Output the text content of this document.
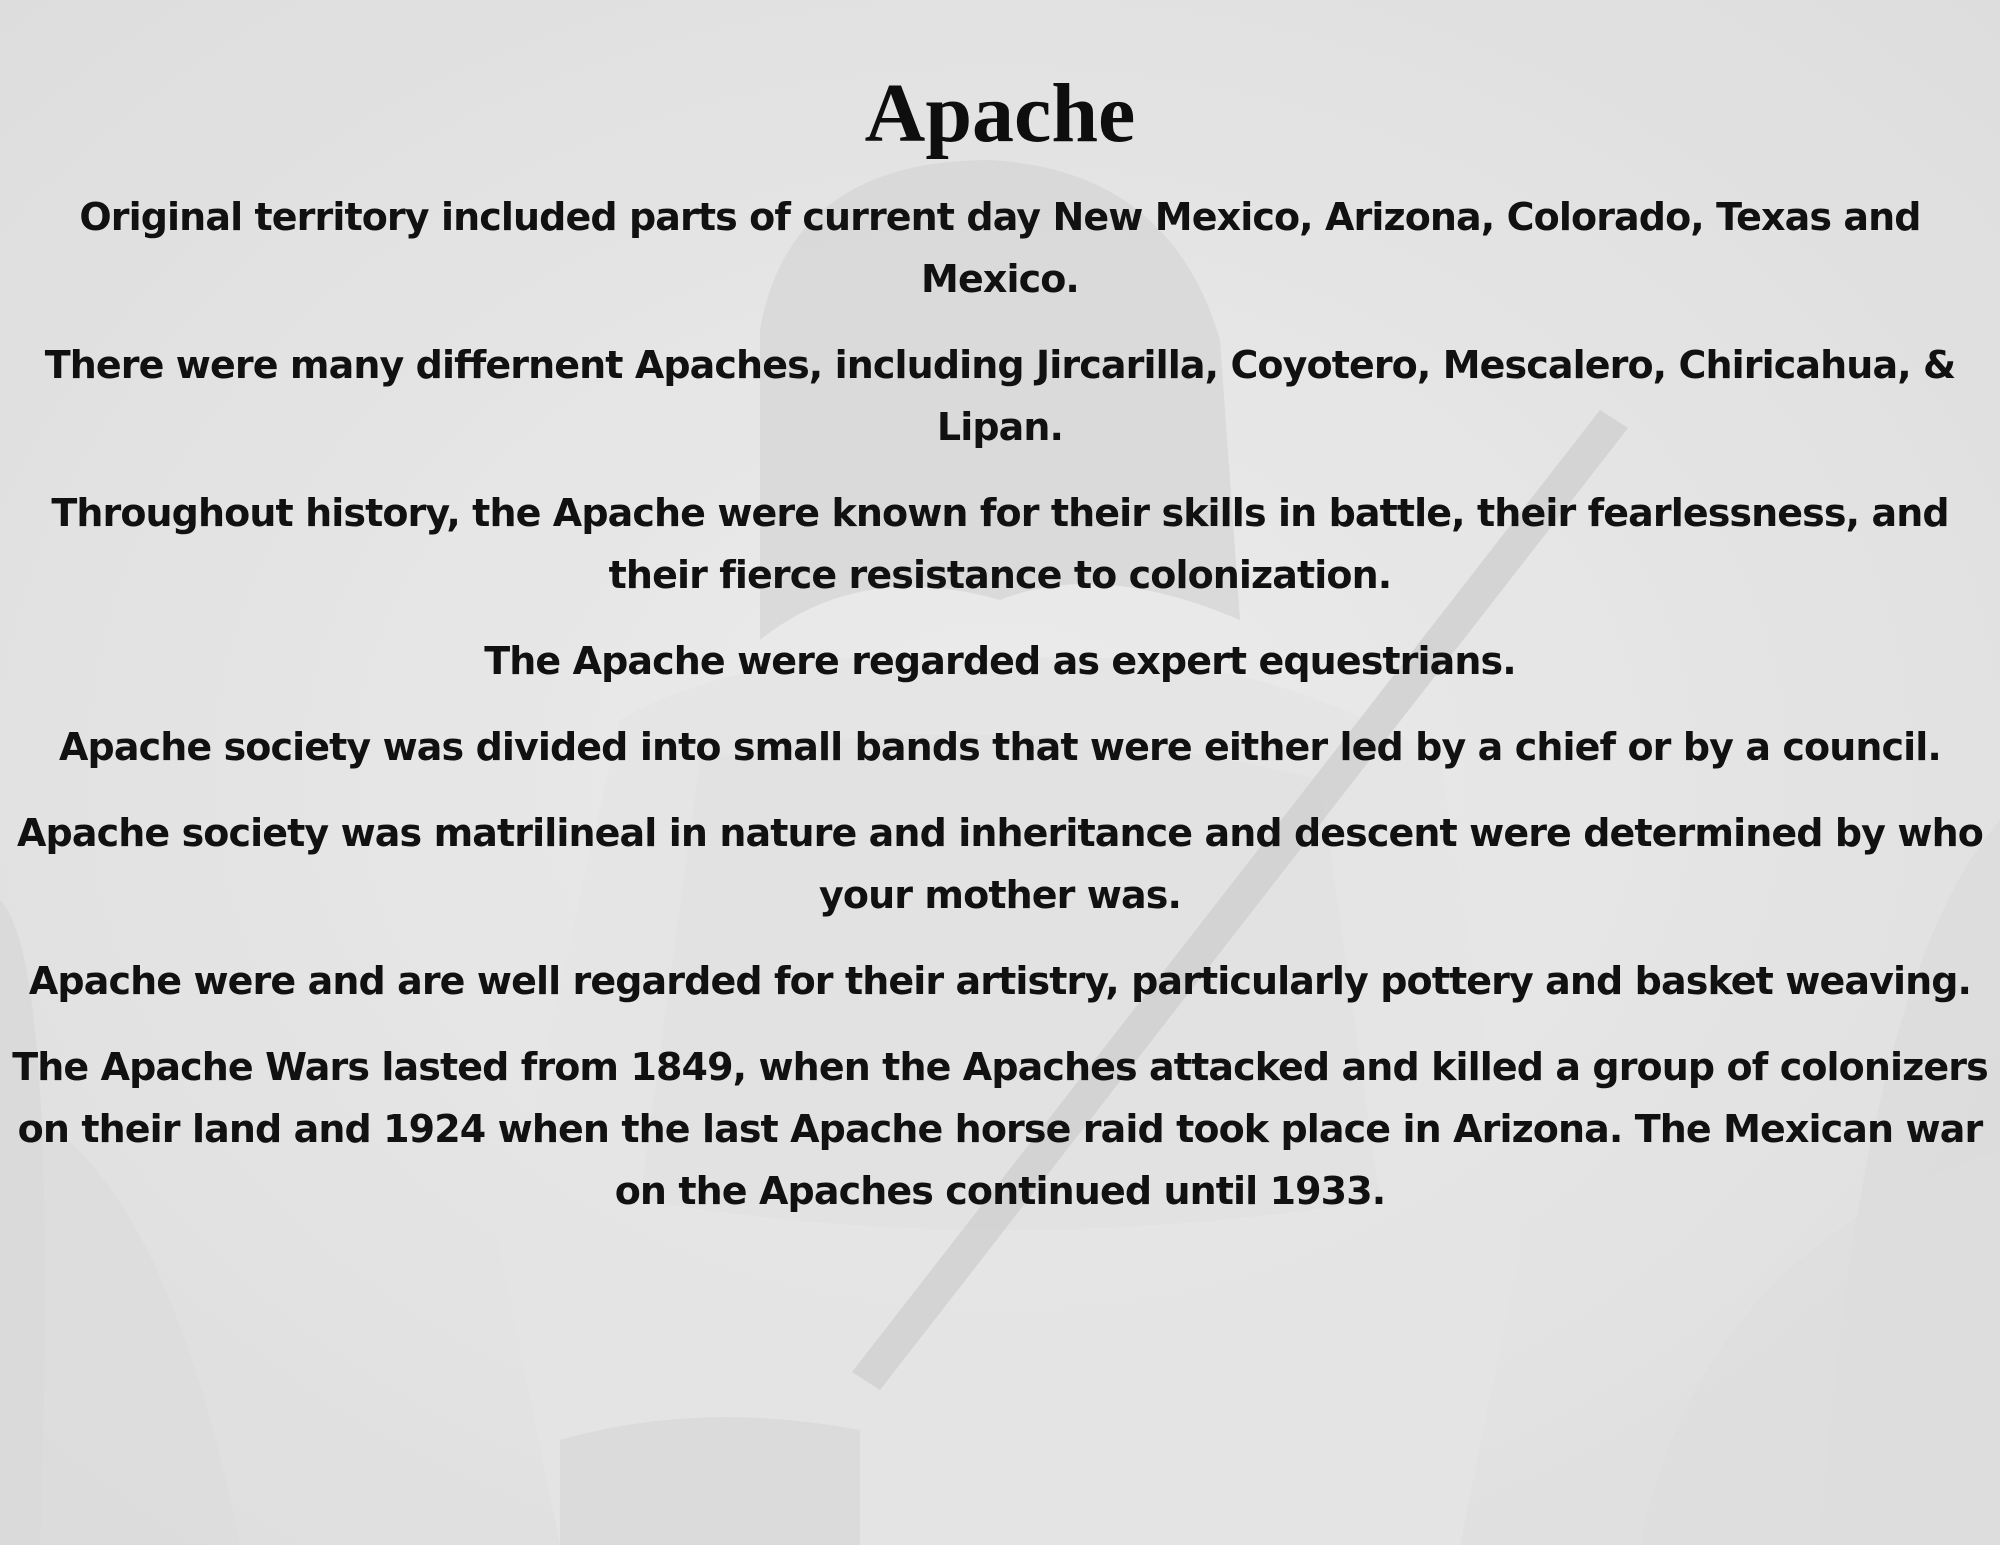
Apache
Original territory included parts of current day New Mexico, Arizona, Colorado, Texas and Mexico.
There were many differnent Apaches, including Jircarilla, Coyotero, Mescalero, Chiricahua, & Lipan.
Throughout history, the Apache were known for their skills in battle, their fearlessness, and their fierce resistance to colonization.
The Apache were regarded as expert equestrians.
Apache society was divided into small bands that were either led by a chief or by a council.
Apache society was matrilineal in nature and inheritance and descent were determined by who your mother was.
Apache were and are well regarded for their artistry, particularly pottery and basket weaving.
The Apache Wars lasted from 1849, when the Apaches attacked and killed a group of colonizers on their land and 1924 when the last Apache horse raid took place in Arizona. The Mexican war on the Apaches continued until 1933.
